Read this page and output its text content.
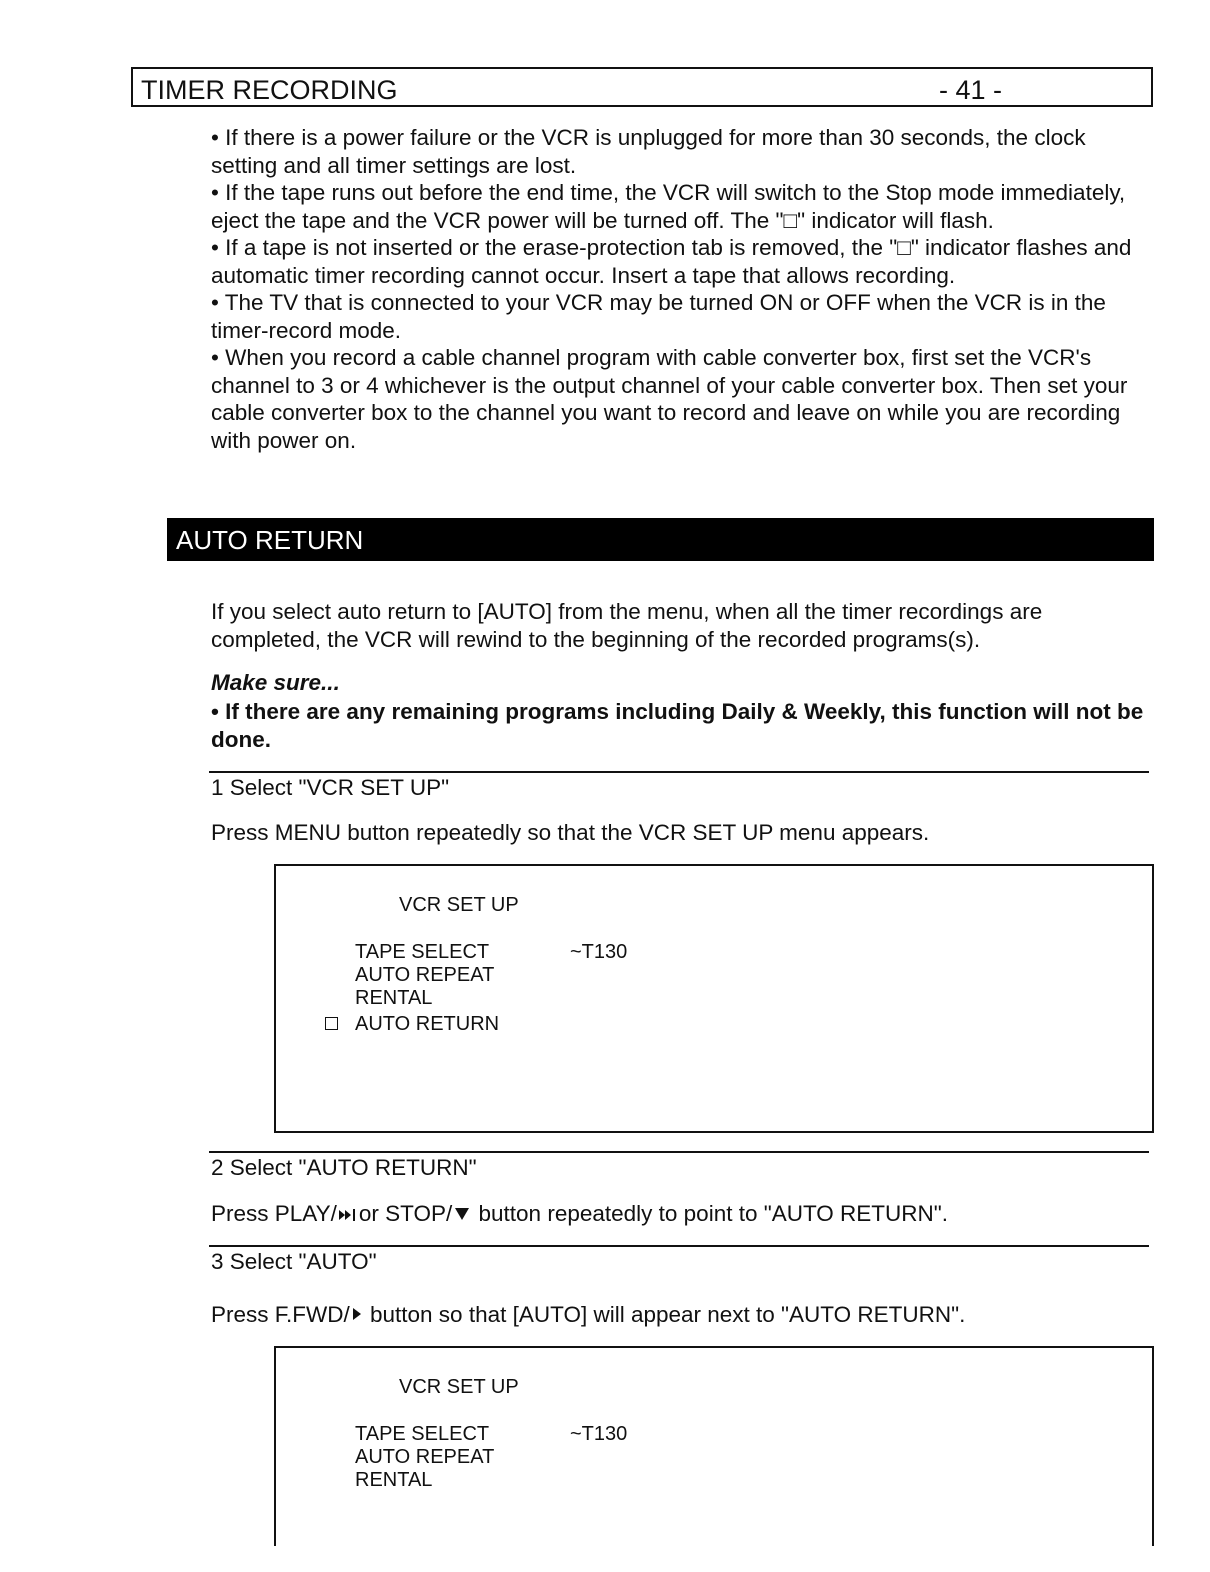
TIMER RECORDING	- 41 -

• If there is a power failure or the VCR is unplugged for more than 30 seconds, the clock setting and all timer settings are lost.

• If the tape runs out before the end time, the VCR will switch to the Stop mode immediately, eject the tape and the VCR power will be turned off. The "□" indicator will flash.

• If a tape is not inserted or the erase-protection tab is removed, the "□" indicator flashes and automatic timer recording cannot occur. Insert a tape that allows recording.

• The TV that is connected to your VCR may be turned ON or OFF when the VCR is in the timer-record mode.

• When you record a cable channel program with cable converter box, first set the VCR's channel to 3 or 4 whichever is the output channel of your cable converter box. Then set your cable converter box to the channel you want to record and leave on while you are recording with power on.

AUTO RETURN

If you select auto return to [AUTO] from the menu, when all the timer recordings are completed, the VCR will rewind to the beginning of the recorded programs(s).

Make sure...

• If there are any remaining programs including Daily & Weekly, this function will not be done.

1 Select "VCR SET UP"

Press MENU button repeatedly so that the VCR SET UP menu appears.

VCR SET UP
TAPE SELECT	~T130
AUTO REPEAT
RENTAL
AUTO RETURN

2 Select "AUTO RETURN"

Press PLAY/ or STOP/ button repeatedly to point to "AUTO RETURN".

3 Select "AUTO"

Press F.FWD/ button so that [AUTO] will appear next to "AUTO RETURN".

VCR SET UP
TAPE SELECT	~T130
AUTO REPEAT
RENTAL
